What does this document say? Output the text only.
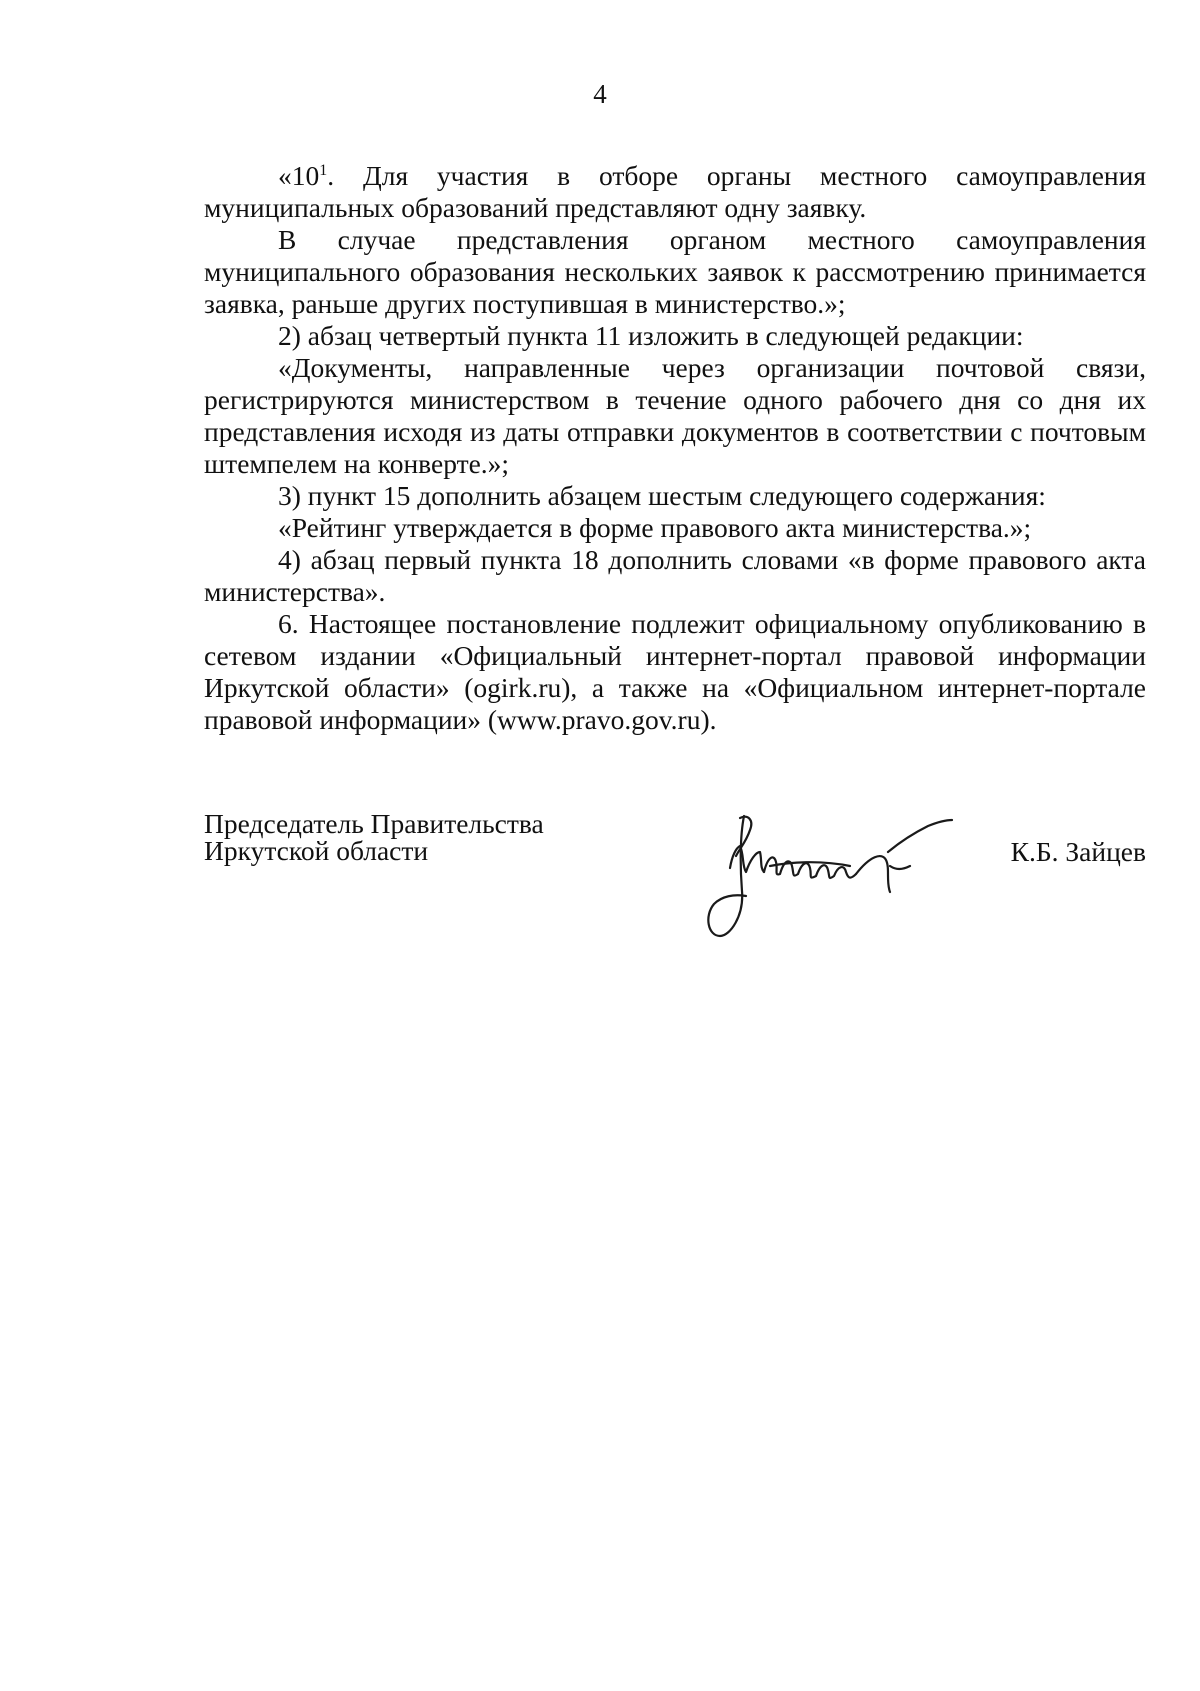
4

«$10^1$. Для участия в отборе органы местного самоуправления муниципальных образований представляют одну заявку.

В случае представления органом местного самоуправления муниципального образования нескольких заявок к рассмотрению принимается заявка, раньше других поступившая в министерство.»;

2) абзац четвертый пункта 11 изложить в следующей редакции:

«Документы, направленные через организации почтовой связи, регистрируются министерством в течение одного рабочего дня со дня их представления исходя из даты отправки документов в соответствии с почтовым штемпелем на конверте.»;

3) пункт 15 дополнить абзацем шестым следующего содержания:

«Рейтинг утверждается в форме правового акта министерства.»;

4) абзац первый пункта 18 дополнить словами «в форме правового акта министерства».

6. Настоящее постановление подлежит официальному опубликованию в сетевом издании «Официальный интернет-портал правовой информации Иркутской области» (ogirk.ru), а также на «Официальном интернет-портале правовой информации» (www.pravo.gov.ru).

Председатель Правительства
Иркутской области	К.Б. Зайцев
